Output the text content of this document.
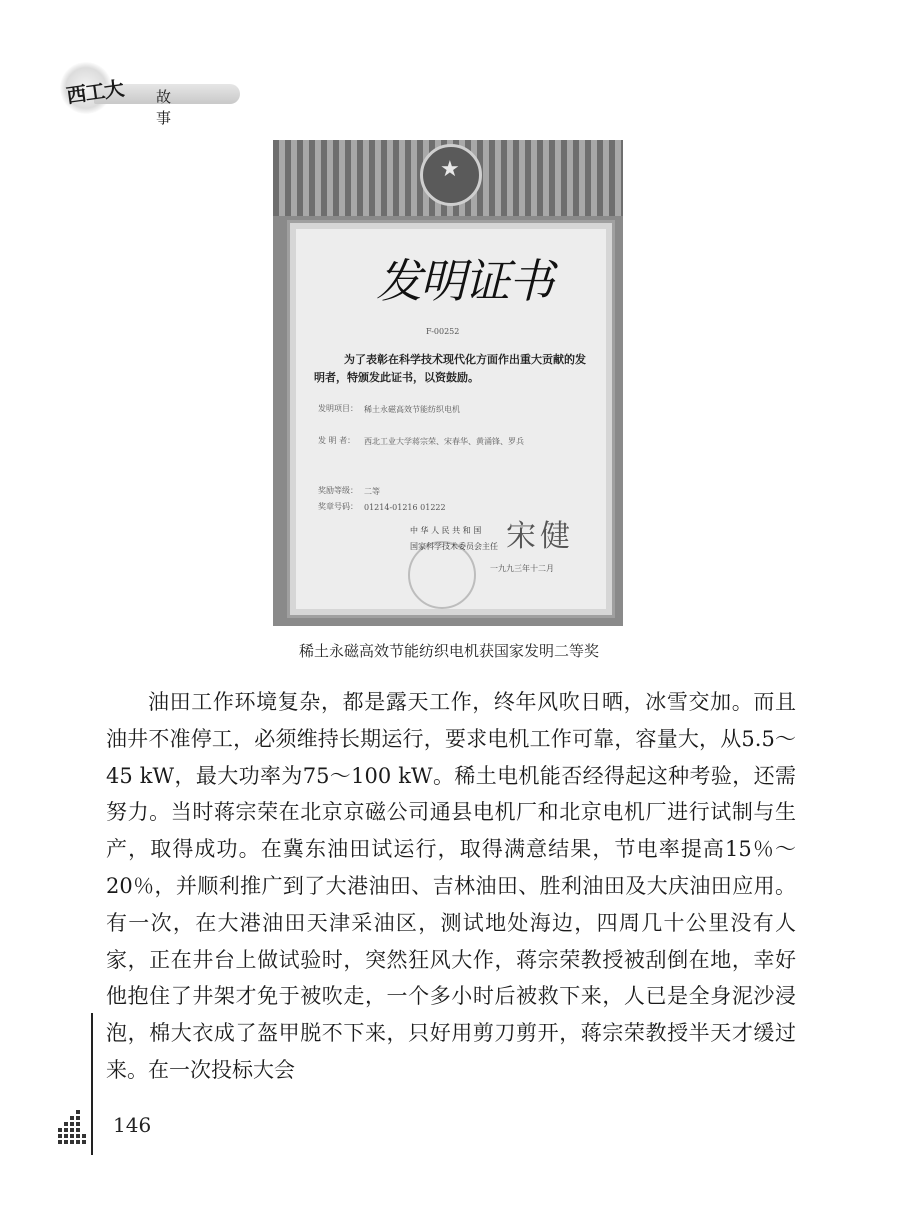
西工大 故事
★
发明证书
F-00252
为了表彰在科学技术现代化方面作出重大贡献的发明者，特颁发此证书，以资鼓励。
发明项目： 稀土永磁高效节能纺织电机
发 明 者： 西北工业大学蒋宗荣、宋春华、黄涌锋、罗兵
奖励等级： 二等
奖章号码： 01214-01216 01222
中 华 人 民 共 和 国
国家科学技术委员会主任 宋健
一九九三年十二月
稀土永磁高效节能纺织电机获国家发明二等奖

油田工作环境复杂，都是露天工作，终年风吹日晒，冰雪交加。而且油井不准停工，必须维持长期运行，要求电机工作可靠，容量大，从5.5～45 kW，最大功率为75～100 kW。稀土电机能否经得起这种考验，还需努力。当时蒋宗荣在北京京磁公司通县电机厂和北京电机厂进行试制与生产，取得成功。在冀东油田试运行，取得满意结果，节电率提高15％～20％，并顺利推广到了大港油田、吉林油田、胜利油田及大庆油田应用。有一次，在大港油田天津采油区，测试地处海边，四周几十公里没有人家，正在井台上做试验时，突然狂风大作，蒋宗荣教授被刮倒在地，幸好他抱住了井架才免于被吹走，一个多小时后被救下来，人已是全身泥沙浸泡，棉大衣成了盔甲脱不下来，只好用剪刀剪开，蒋宗荣教授半天才缓过来。在一次投标大会

146
